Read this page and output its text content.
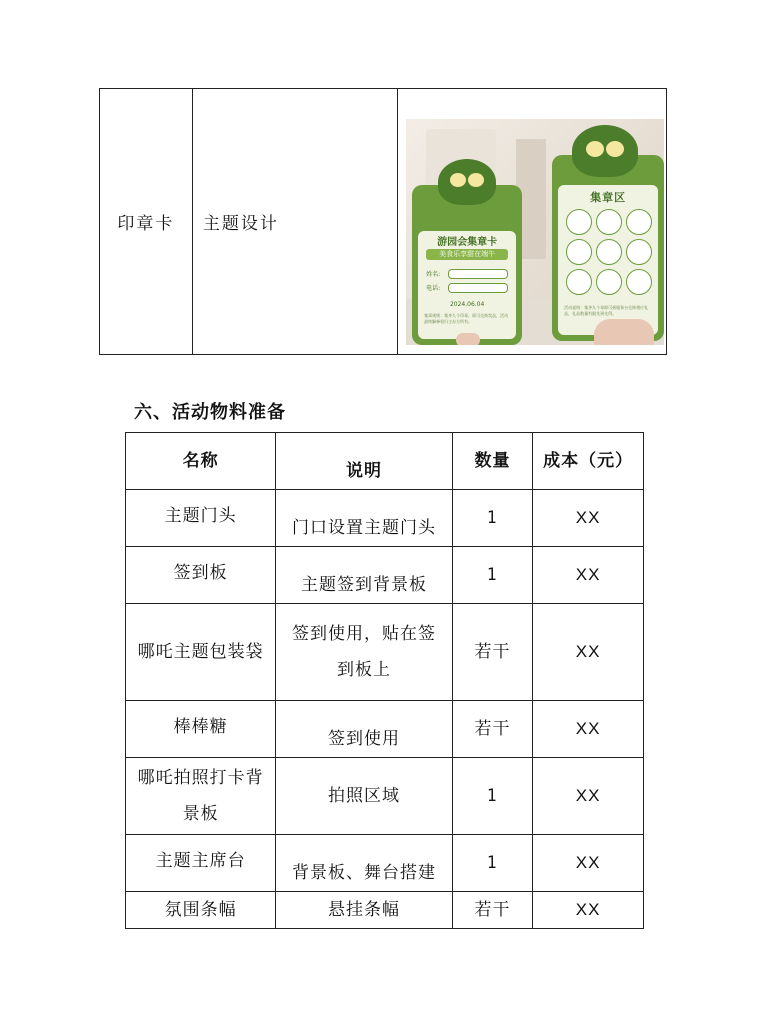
印章卡	主题设计	
游园会集章卡
美食乐享甜在端午
姓名:
电话:
2024.06.04
集章规则：集齐九个印章，即可兑换奖品，活动最终解释权归主办方所有。
集章区
活动说明：集齐九个章即可到服务台兑换相应礼品，礼品数量有限先到先得。
六、活动物料准备
名称	说明	数量	成本（元）
主题门头	门口设置主题门头	1	XX
签到板	主题签到背景板	1	XX
哪吒主题包装袋	签到使用，贴在签到板上	若干	XX
棒棒糖	签到使用	若干	XX
哪吒拍照打卡背景板	拍照区域	1	XX
主题主席台	背景板、舞台搭建	1	XX
氛围条幅	悬挂条幅	若干	XX
